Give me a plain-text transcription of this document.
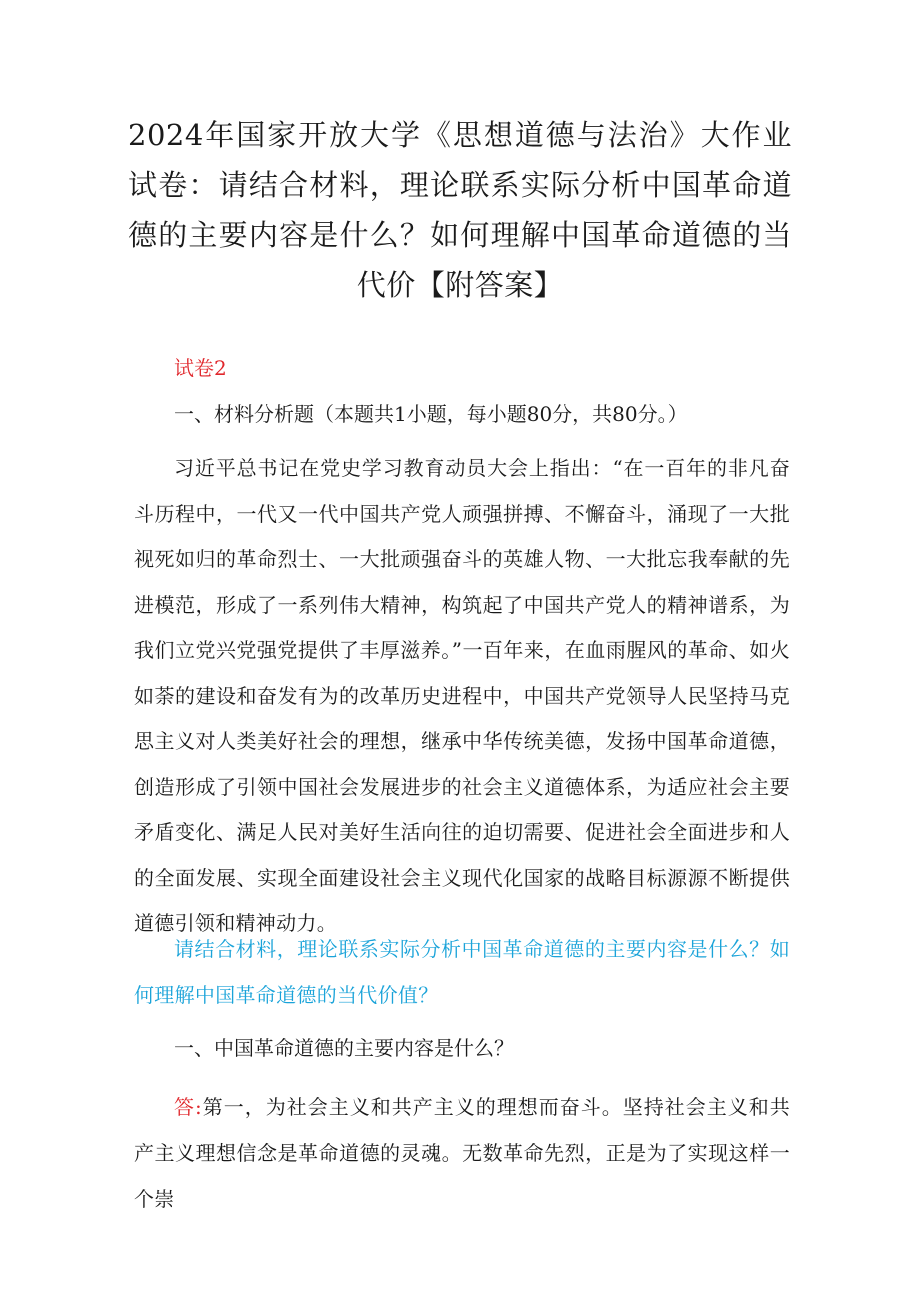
2024年国家开放大学《思想道德与法治》大作业试卷：请结合材料，理论联系实际分析中国革命道德的主要内容是什么？如何理解中国革命道德的当代价【附答案】

试卷2

一、材料分析题（本题共1小题，每小题80分，共80分。）

习近平总书记在党史学习教育动员大会上指出：“在一百年的非凡奋斗历程中，一代又一代中国共产党人顽强拼搏、不懈奋斗，涌现了一大批视死如归的革命烈士、一大批顽强奋斗的英雄人物、一大批忘我奉献的先进模范，形成了一系列伟大精神，构筑起了中国共产党人的精神谱系，为我们立党兴党强党提供了丰厚滋养。”一百年来，在血雨腥风的革命、如火如荼的建设和奋发有为的改革历史进程中，中国共产党领导人民坚持马克思主义对人类美好社会的理想，继承中华传统美德，发扬中国革命道德，创造形成了引领中国社会发展进步的社会主义道德体系，为适应社会主要矛盾变化、满足人民对美好生活向往的迫切需要、促进社会全面进步和人的全面发展、实现全面建设社会主义现代化国家的战略目标源源不断提供道德引领和精神动力。

请结合材料，理论联系实际分析中国革命道德的主要内容是什么？如何理解中国革命道德的当代价值？

一、中国革命道德的主要内容是什么？

答:第一，为社会主义和共产主义的理想而奋斗。坚持社会主义和共产主义理想信念是革命道德的灵魂。无数革命先烈，正是为了实现这样一个崇
